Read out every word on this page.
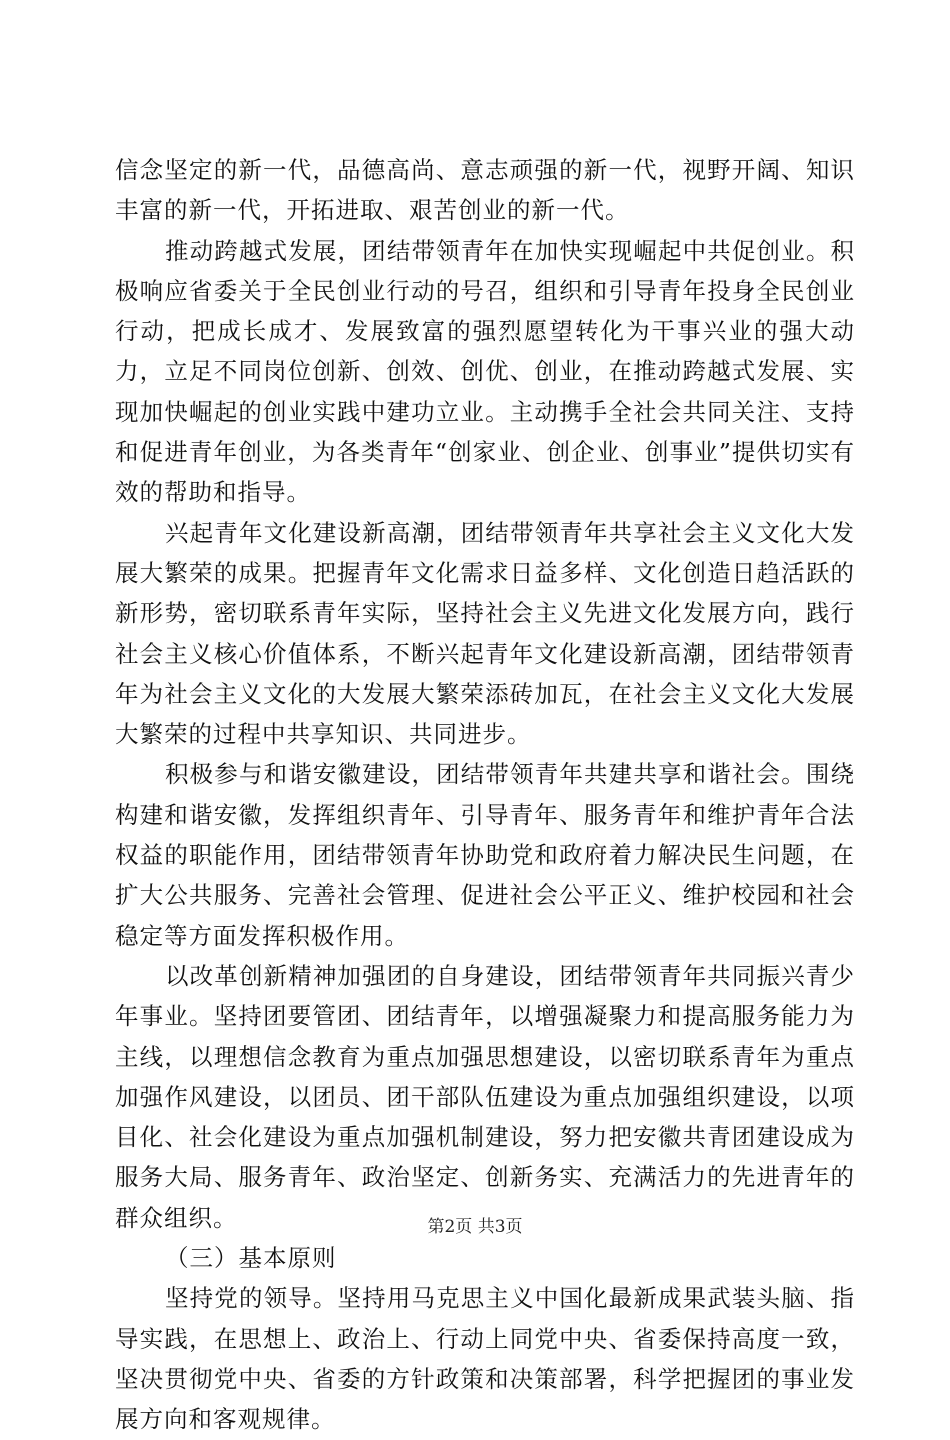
信念坚定的新一代，品德高尚、意志顽强的新一代，视野开阔、知识丰富的新一代，开拓进取、艰苦创业的新一代。

推动跨越式发展，团结带领青年在加快实现崛起中共促创业。积极响应省委关于全民创业行动的号召，组织和引导青年投身全民创业行动，把成长成才、发展致富的强烈愿望转化为干事兴业的强大动力，立足不同岗位创新、创效、创优、创业，在推动跨越式发展、实现加快崛起的创业实践中建功立业。主动携手全社会共同关注、支持和促进青年创业，为各类青年“创家业、创企业、创事业”提供切实有效的帮助和指导。

兴起青年文化建设新高潮，团结带领青年共享社会主义文化大发展大繁荣的成果。把握青年文化需求日益多样、文化创造日趋活跃的新形势，密切联系青年实际，坚持社会主义先进文化发展方向，践行社会主义核心价值体系，不断兴起青年文化建设新高潮，团结带领青年为社会主义文化的大发展大繁荣添砖加瓦，在社会主义文化大发展大繁荣的过程中共享知识、共同进步。

积极参与和谐安徽建设，团结带领青年共建共享和谐社会。围绕构建和谐安徽，发挥组织青年、引导青年、服务青年和维护青年合法权益的职能作用，团结带领青年协助党和政府着力解决民生问题，在扩大公共服务、完善社会管理、促进社会公平正义、维护校园和社会稳定等方面发挥积极作用。

以改革创新精神加强团的自身建设，团结带领青年共同振兴青少年事业。坚持团要管团、团结青年，以增强凝聚力和提高服务能力为主线，以理想信念教育为重点加强思想建设，以密切联系青年为重点加强作风建设，以团员、团干部队伍建设为重点加强组织建设，以项目化、社会化建设为重点加强机制建设，努力把安徽共青团建设成为服务大局、服务青年、政治坚定、创新务实、充满活力的先进青年的群众组织。

（三）基本原则

坚持党的领导。坚持用马克思主义中国化最新成果武装头脑、指导实践，在思想上、政治上、行动上同党中央、省委保持高度一致，坚决贯彻党中央、省委的方针政策和决策部署，科学把握团的事业发展方向和客观规律。

第2页 共3页
